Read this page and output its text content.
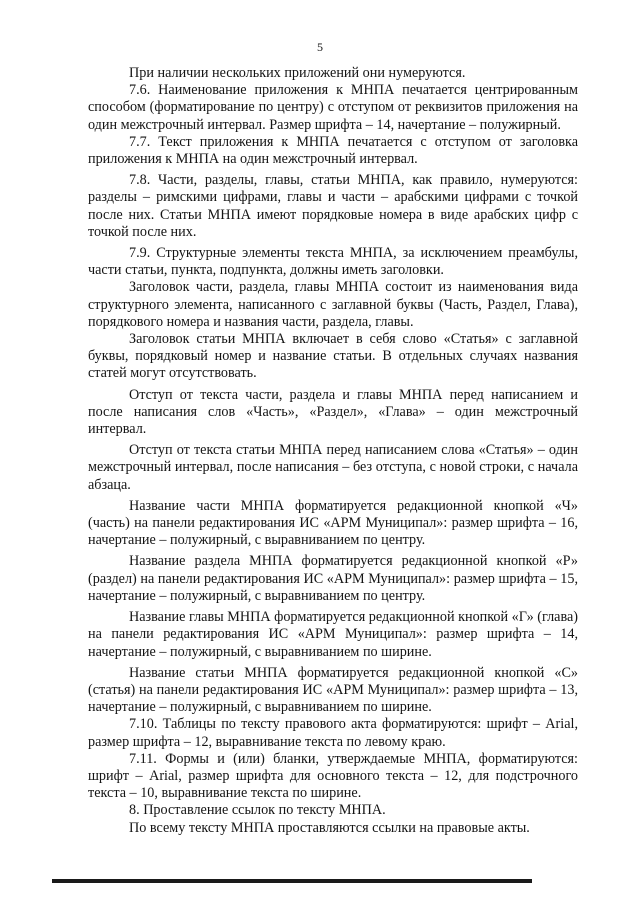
5

При наличии нескольких приложений они нумеруются.

7.6. Наименование приложения к МНПА печатается центрированным способом (форматирование по центру) с отступом от реквизитов приложения на один межстрочный интервал. Размер шрифта – 14, начертание – полужирный.

7.7. Текст приложения к МНПА печатается с отступом от заголовка приложения к МНПА на один межстрочный интервал.

7.8. Части, разделы, главы, статьи МНПА, как правило, нумеруются: разделы – римскими цифрами, главы и части – арабскими цифрами с точкой после них. Статьи МНПА имеют порядковые номера в виде арабских цифр с точкой после них.

7.9. Структурные элементы текста МНПА, за исключением преамбулы, части статьи, пункта, подпункта, должны иметь заголовки.

Заголовок части, раздела, главы МНПА состоит из наименования вида структурного элемента, написанного с заглавной буквы (Часть, Раздел, Глава), порядкового номера и названия части, раздела, главы.

Заголовок статьи МНПА включает в себя слово «Статья» с заглавной буквы, порядковый номер и название статьи. В отдельных случаях названия статей могут отсутствовать.

Отступ от текста части, раздела и главы МНПА перед написанием и после написания слов «Часть», «Раздел», «Глава» – один межстрочный интервал.

Отступ от текста статьи МНПА перед написанием слова «Статья» – один межстрочный интервал, после написания – без отступа, с новой строки, с начала абзаца.

Название части МНПА форматируется редакционной кнопкой «Ч» (часть) на панели редактирования ИС «АРМ Муниципал»: размер шрифта – 16, начертание – полужирный, с выравниванием по центру.

Название раздела МНПА форматируется редакционной кнопкой «Р» (раздел) на панели редактирования ИС «АРМ Муниципал»: размер шрифта – 15, начертание – полужирный, с выравниванием по центру.

Название главы МНПА форматируется редакционной кнопкой «Г» (глава) на панели редактирования ИС «АРМ Муниципал»: размер шрифта – 14, начертание – полужирный, с выравниванием по ширине.

Название статьи МНПА форматируется редакционной кнопкой «С» (статья) на панели редактирования ИС «АРМ Муниципал»: размер шрифта – 13, начертание – полужирный, с выравниванием по ширине.

7.10. Таблицы по тексту правового акта форматируются: шрифт – Arial, размер шрифта – 12, выравнивание текста по левому краю.

7.11. Формы и (или) бланки, утверждаемые МНПА, форматируются: шрифт – Arial, размер шрифта для основного текста – 12, для подстрочного текста – 10, выравнивание текста по ширине.

8. Проставление ссылок по тексту МНПА.

По всему тексту МНПА проставляются ссылки на правовые акты.
